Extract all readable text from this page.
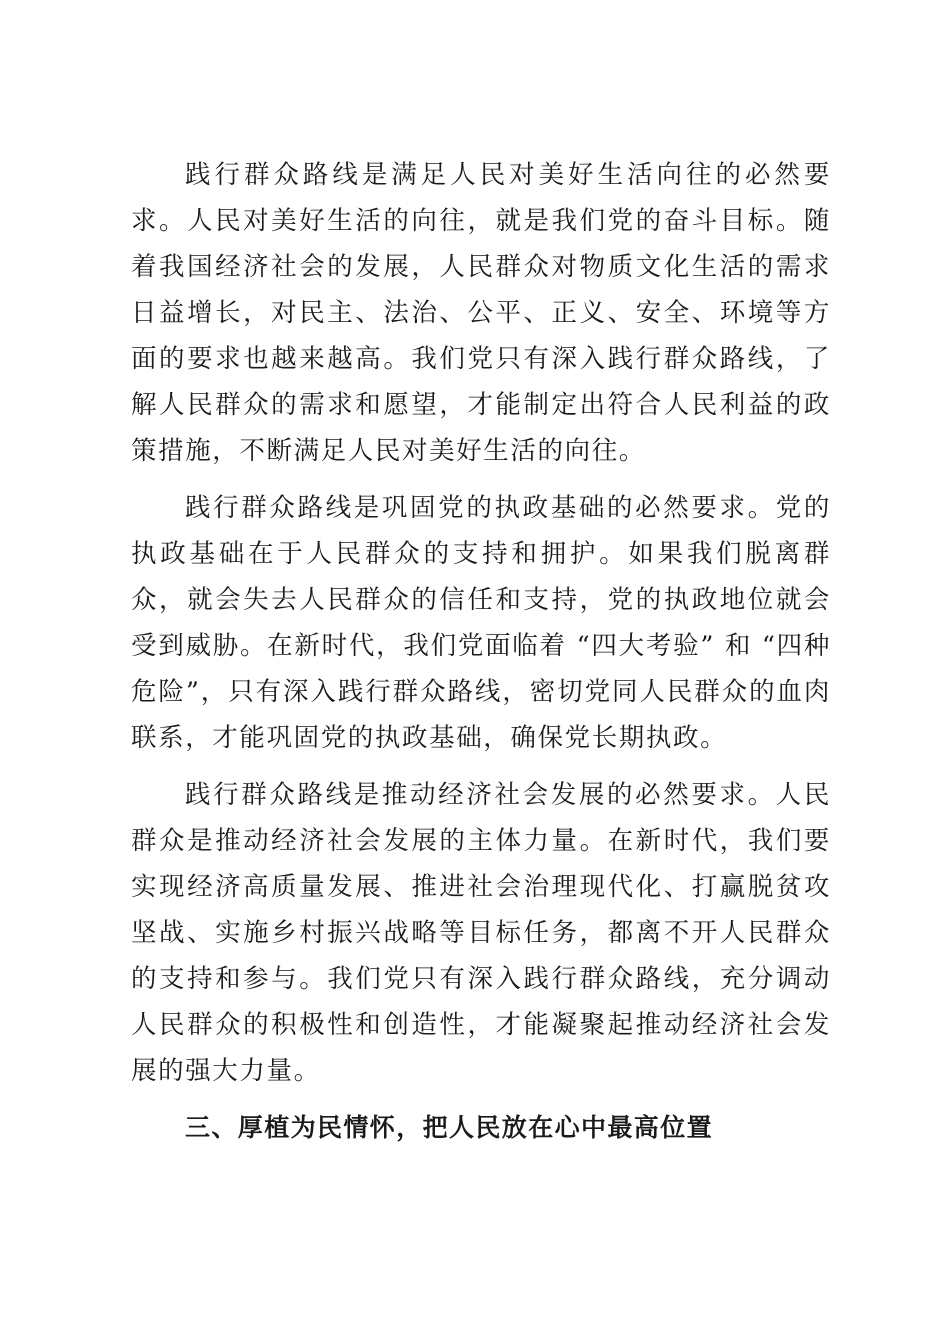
践行群众路线是满足人民对美好生活向往的必然要求。人民对美好生活的向往，就是我们党的奋斗目标。随着我国经济社会的发展，人民群众对物质文化生活的需求日益增长，对民主、法治、公平、正义、安全、环境等方面的要求也越来越高。我们党只有深入践行群众路线，了解人民群众的需求和愿望，才能制定出符合人民利益的政策措施，不断满足人民对美好生活的向往。

践行群众路线是巩固党的执政基础的必然要求。党的执政基础在于人民群众的支持和拥护。如果我们脱离群众，就会失去人民群众的信任和支持，党的执政地位就会受到威胁。在新时代，我们党面临着 “四大考验” 和 “四种危险”，只有深入践行群众路线，密切党同人民群众的血肉联系，才能巩固党的执政基础，确保党长期执政。

践行群众路线是推动经济社会发展的必然要求。人民群众是推动经济社会发展的主体力量。在新时代，我们要实现经济高质量发展、推进社会治理现代化、打赢脱贫攻坚战、实施乡村振兴战略等目标任务，都离不开人民群众的支持和参与。我们党只有深入践行群众路线，充分调动人民群众的积极性和创造性，才能凝聚起推动经济社会发展的强大力量。

三、厚植为民情怀，把人民放在心中最高位置
